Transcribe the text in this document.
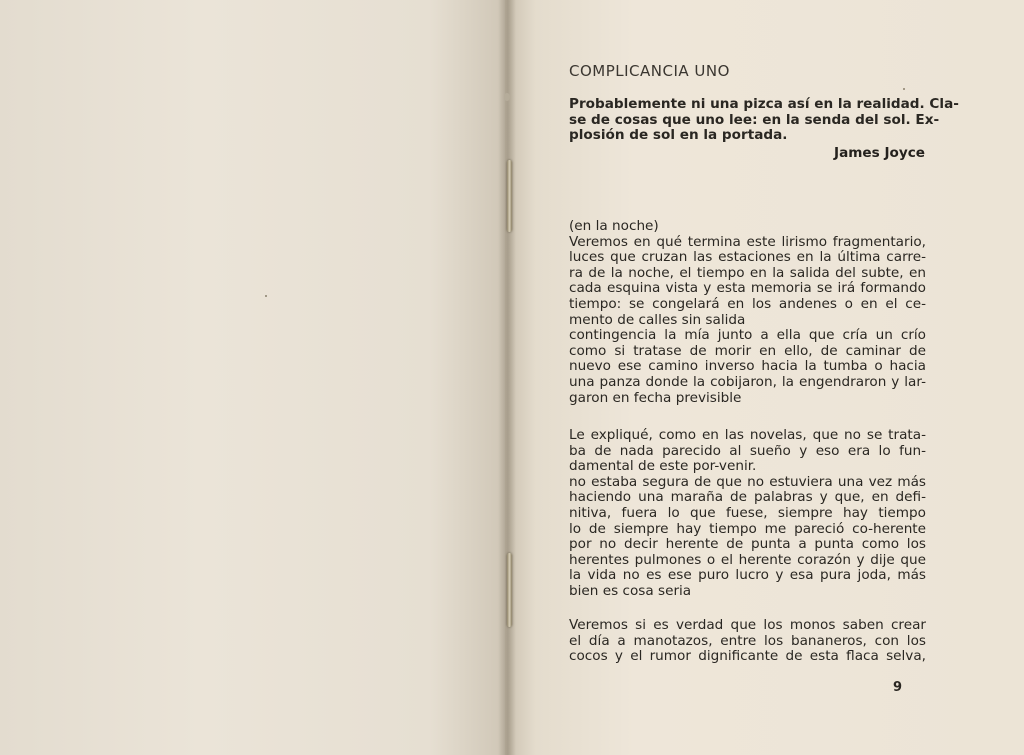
COMPLICANCIA UNO
Probablemente ni una pizca así en la realidad. Cla-
se de cosas que uno lee: en la senda del sol. Ex-
plosión de sol en la portada.
James Joyce
(en la noche)
Veremos en qué termina este lirismo fragmentario,
luces que cruzan las estaciones en la última carre-
ra de la noche, el tiempo en la salida del subte, en
cada esquina vista y esta memoria se irá formando
tiempo: se congelará en los andenes o en el ce-
mento de calles sin salida
contingencia la mía junto a ella que cría un crío
como si tratase de morir en ello, de caminar de
nuevo ese camino inverso hacia la tumba o hacia
una panza donde la cobijaron, la engendraron y lar-
garon en fecha previsible
Le expliqué, como en las novelas, que no se trata-
ba de nada parecido al sueño y eso era lo fun-
damental de este por-venir.
no estaba segura de que no estuviera una vez más
haciendo una maraña de palabras y que, en defi-
nitiva, fuera lo que fuese, siempre hay tiempo
lo de siempre hay tiempo me pareció co-herente
por no decir herente de punta a punta como los
herentes pulmones o el herente corazón y dije que
la vida no es ese puro lucro y esa pura joda, más
bien es cosa seria
Veremos si es verdad que los monos saben crear
el día a manotazos, entre los bananeros, con los
cocos y el rumor dignificante de esta flaca selva,
9
